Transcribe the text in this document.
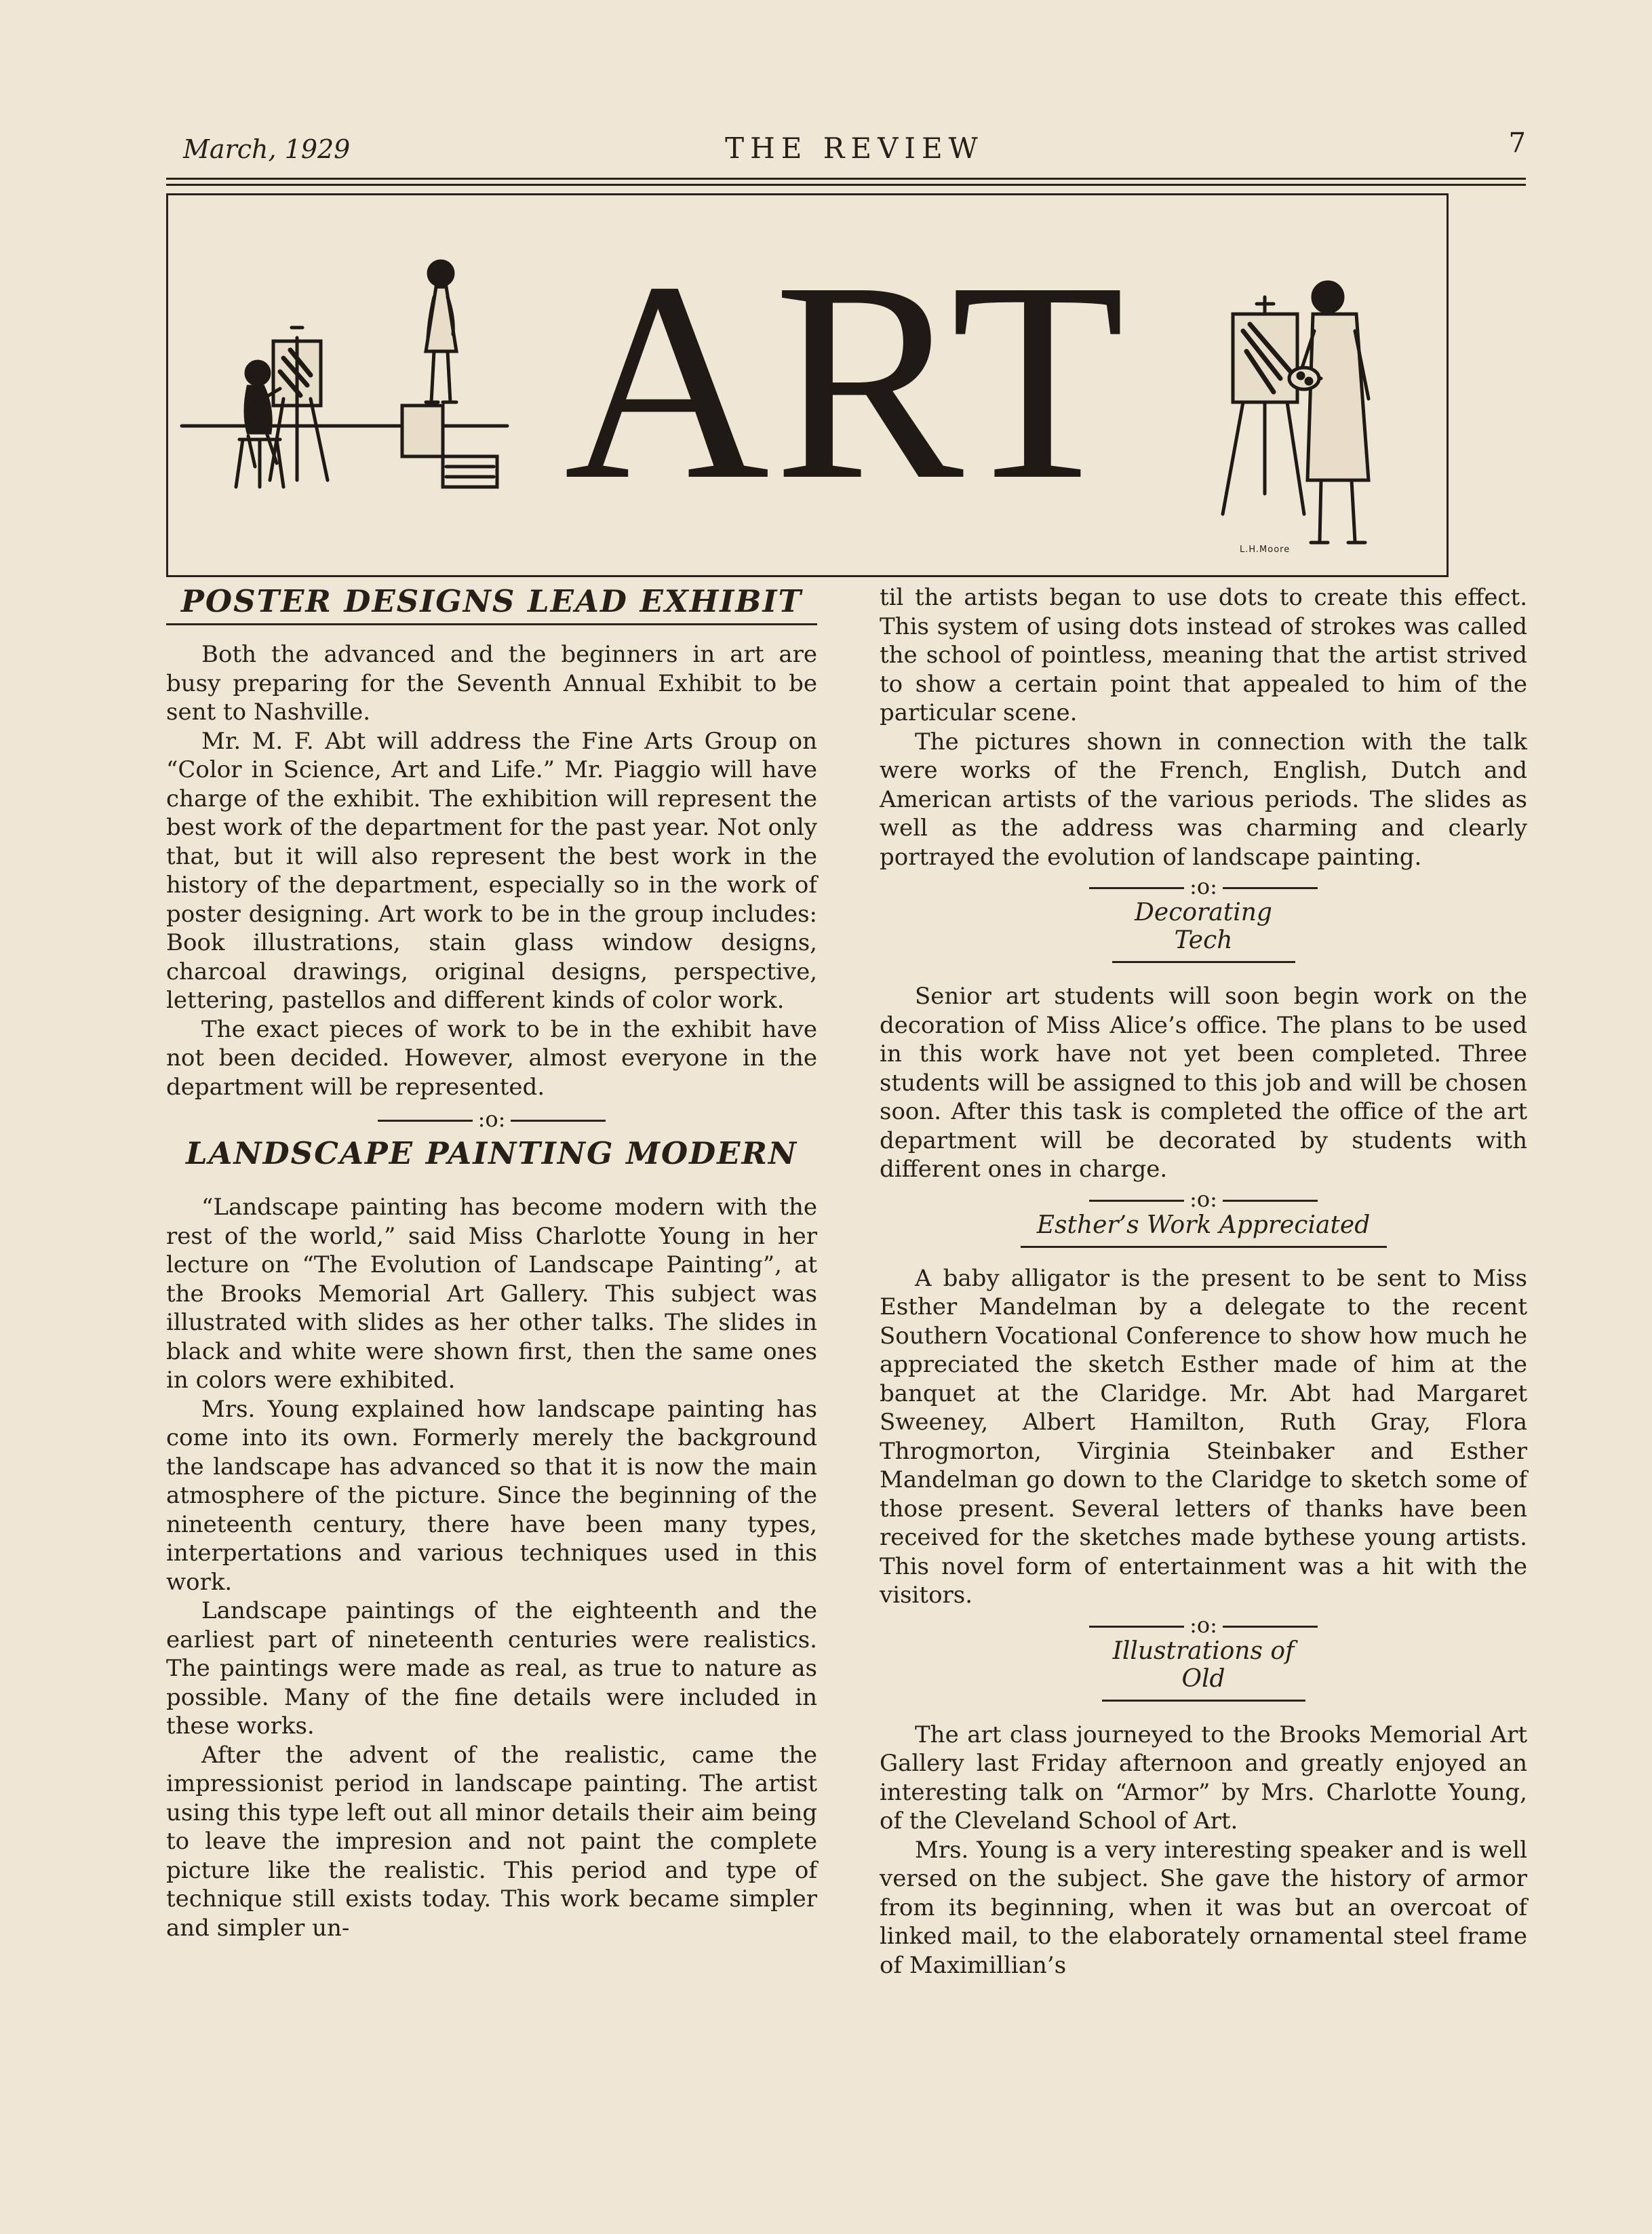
March, 1929	THE REVIEW	7
ART
L.H.Moore
POSTER DESIGNS LEAD EXHIBIT

Both the advanced and the beginners in art are busy preparing for the Seventh Annual Exhibit to be sent to Nashville.

Mr. M. F. Abt will address the Fine Arts Group on “Color in Science, Art and Life.” Mr. Piaggio will have charge of the exhibit. The exhibition will represent the best work of the department for the past year. Not only that, but it will also represent the best work in the history of the department, especially so in the work of poster designing. Art work to be in the group includes: Book illustrations, stain glass window designs, charcoal drawings, original designs, perspective, lettering, pastellos and different kinds of color work.

The exact pieces of work to be in the exhibit have not been decided. However, almost everyone in the department will be represented.

:o:
LANDSCAPE PAINTING MODERN

“Landscape painting has become modern with the rest of the world,” said Miss Charlotte Young in her lecture on “The Evolution of Landscape Painting”, at the Brooks Memorial Art Gallery. This subject was illustrated with slides as her other talks. The slides in black and white were shown first, then the same ones in colors were exhibited.

Mrs. Young explained how landscape painting has come into its own. Formerly merely the background the landscape has advanced so that it is now the main atmosphere of the picture. Since the beginning of the nineteenth century, there have been many types, interpertations and various techniques used in this work.

Landscape paintings of the eighteenth and the earliest part of nineteenth centuries were realistics. The paintings were made as real, as true to nature as possible. Many of the fine details were included in these works.

After the advent of the realistic, came the impressionist period in landscape painting. The artist using this type left out all minor details their aim being to leave the impresion and not paint the complete picture like the realistic. This period and type of technique still exists today. This work became simpler and simpler un-

til the artists began to use dots to create this effect. This system of using dots instead of strokes was called the school of pointless, meaning that the artist strived to show a certain point that appealed to him of the particular scene.

The pictures shown in connection with the talk were works of the French, English, Dutch and American artists of the various periods. The slides as well as the address was charming and clearly portrayed the evolution of landscape painting.

:o:
Decorating Tech

Senior art students will soon begin work on the decoration of Miss Alice’s office. The plans to be used in this work have not yet been completed. Three students will be assigned to this job and will be chosen soon. After this task is completed the office of the art department will be decorated by students with different ones in charge.

:o:
Esther’s Work Appreciated

A baby alligator is the present to be sent to Miss Esther Mandelman by a delegate to the recent Southern Vocational Conference to show how much he appreciated the sketch Esther made of him at the banquet at the Claridge. Mr. Abt had Margaret Sweeney, Albert Hamilton, Ruth Gray, Flora Throgmorton, Virginia Steinbaker and Esther Mandelman go down to the Claridge to sketch some of those present. Several letters of thanks have been received for the sketches made bythese young artists. This novel form of entertainment was a hit with the visitors.

:o:
Illustrations of Old

The art class journeyed to the Brooks Memorial Art Gallery last Friday afternoon and greatly enjoyed an interesting talk on “Armor” by Mrs. Charlotte Young, of the Cleveland School of Art.

Mrs. Young is a very interesting speaker and is well versed on the subject. She gave the history of armor from its beginning, when it was but an overcoat of linked mail, to the elaborately ornamental steel frame of Maximillian’s
